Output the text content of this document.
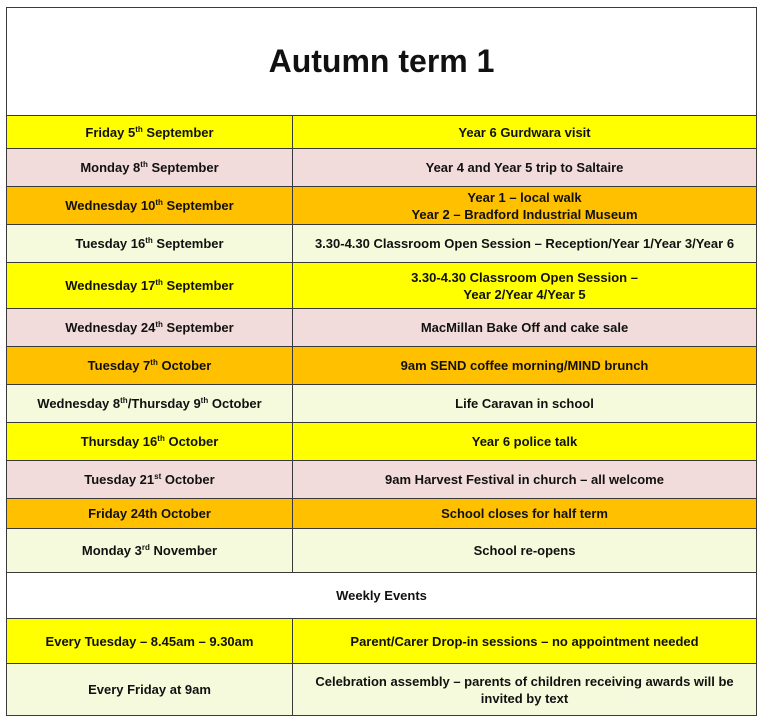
Autumn term 1	
Friday 5th September	Year 6 Gurdwara visit
Monday 8th September	Year 4 and Year 5 trip to Saltaire
Wednesday 10th September	Year 1 – local walk
Year 2 – Bradford Industrial Museum

Tuesday 16th September	3.30-4.30 Classroom Open Session – Reception/Year 1/Year 3/Year 6
Wednesday 17th September	3.30-4.30 Classroom Open Session –
Year 2/Year 4/Year 5

Wednesday 24th September	MacMillan Bake Off and cake sale
Tuesday 7th October	9am SEND coffee morning/MIND brunch
Wednesday 8th/Thursday 9th October	Life Caravan in school
Thursday 16th October	Year 6 police talk
Tuesday 21st October	9am Harvest Festival in church – all welcome
Friday 24th October	School closes for half term
Monday 3rd November	School re-opens
Weekly Events	
Every Tuesday – 8.45am – 9.30am	Parent/Carer Drop-in sessions – no appointment needed
Every Friday at 9am	Celebration assembly – parents of children receiving awards will be
invited by text
